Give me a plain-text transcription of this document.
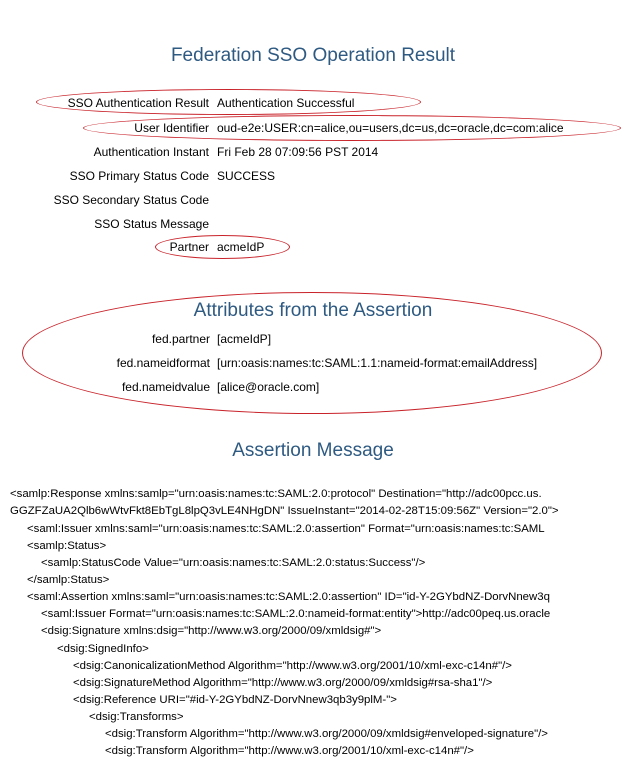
Federation SSO Operation Result
SSO Authentication Result Authentication Successful
User Identifier oud-e2e:USER:cn=alice,ou=users,dc=us,dc=oracle,dc=com:alice
Authentication Instant Fri Feb 28 07:09:56 PST 2014
SSO Primary Status Code SUCCESS
SSO Secondary Status Code
SSO Status Message
Partner acmeIdP
Attributes from the Assertion
fed.partner [acmeIdP]
fed.nameidformat [urn:oasis:names:tc:SAML:1.1:nameid-format:emailAddress]
fed.nameidvalue [alice@oracle.com]
Assertion Message
<samlp:Response xmlns:samlp="urn:oasis:names:tc:SAML:2.0:protocol" Destination="http://adc00pcc.us.
GGZFZaUA2Qlb6wWtvFkt8EbTgL8lpQ3vLE4NHgDN" IssueInstant="2014-02-28T15:09:56Z" Version="2.0">
<saml:Issuer xmlns:saml="urn:oasis:names:tc:SAML:2.0:assertion" Format="urn:oasis:names:tc:SAML
<samlp:Status>
<samlp:StatusCode Value="urn:oasis:names:tc:SAML:2.0:status:Success"/>
</samlp:Status>
<saml:Assertion xmlns:saml="urn:oasis:names:tc:SAML:2.0:assertion" ID="id-Y-2GYbdNZ-DorvNnew3q
<saml:Issuer Format="urn:oasis:names:tc:SAML:2.0:nameid-format:entity">http://adc00peq.us.oracle
<dsig:Signature xmlns:dsig="http://www.w3.org/2000/09/xmldsig#">
<dsig:SignedInfo>
<dsig:CanonicalizationMethod Algorithm="http://www.w3.org/2001/10/xml-exc-c14n#"/>
<dsig:SignatureMethod Algorithm="http://www.w3.org/2000/09/xmldsig#rsa-sha1"/>
<dsig:Reference URI="#id-Y-2GYbdNZ-DorvNnew3qb3y9plM-">
<dsig:Transforms>
<dsig:Transform Algorithm="http://www.w3.org/2000/09/xmldsig#enveloped-signature"/>
<dsig:Transform Algorithm="http://www.w3.org/2001/10/xml-exc-c14n#"/>
